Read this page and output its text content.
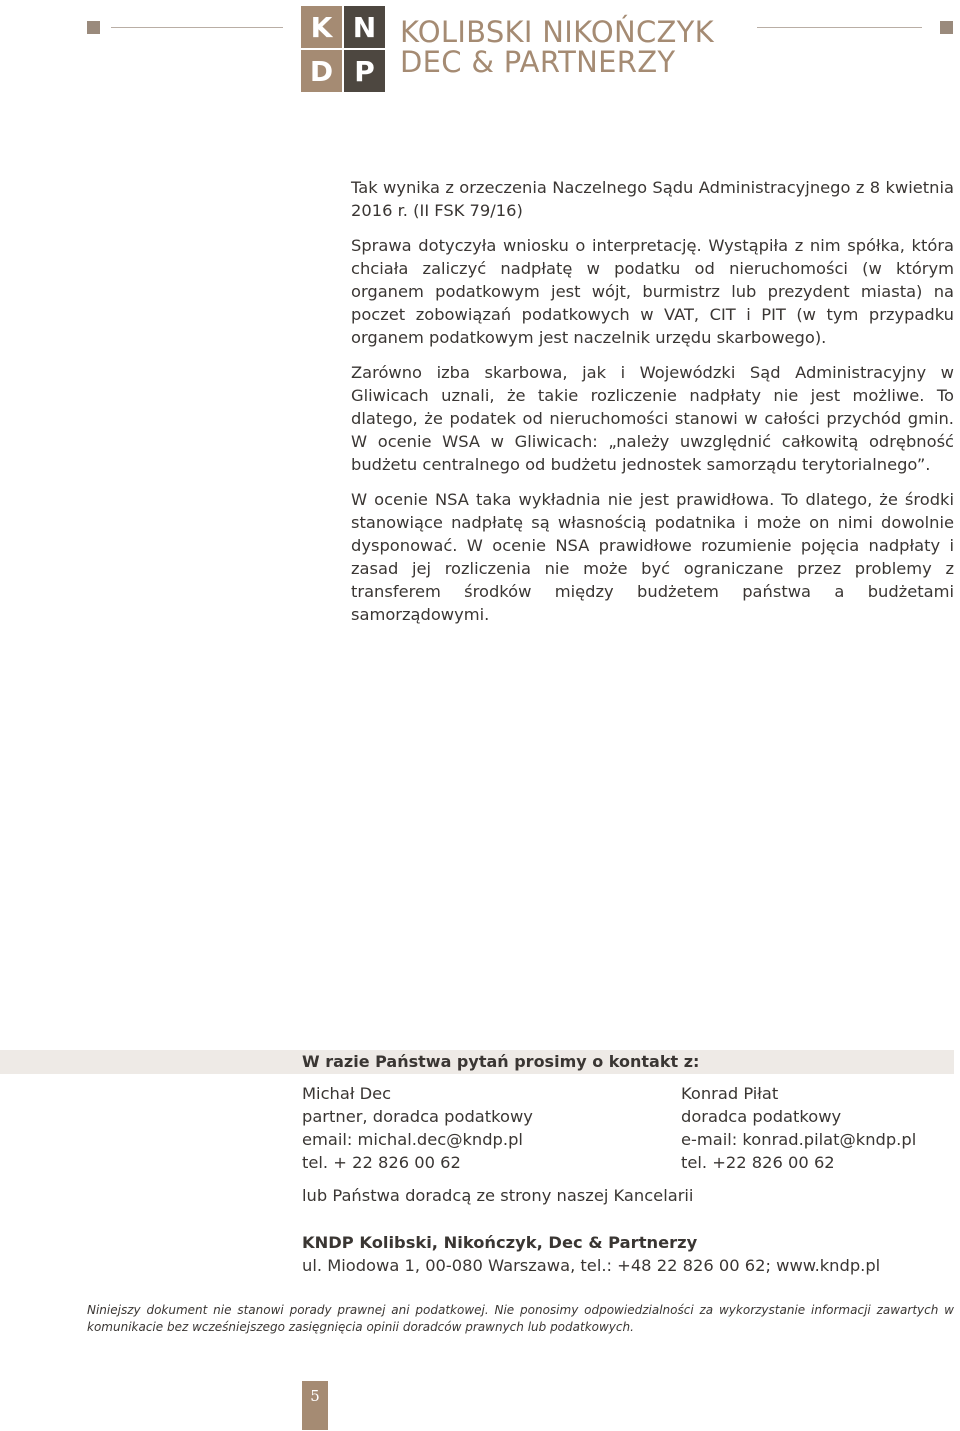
K N
D P
KOLIBSKI NIKOŃCZYK
DEC & PARTNERZY

Tak wynika z orzeczenia Naczelnego Sądu Administracyjnego z 8 kwietnia 2016 r. (II FSK 79/16)

Sprawa dotyczyła wniosku o interpretację. Wystąpiła z nim spółka, która chciała zaliczyć nadpłatę w podatku od nieruchomości (w którym organem podatkowym jest wójt, burmistrz lub prezydent miasta) na poczet zobowiązań podatkowych w VAT, CIT i PIT (w tym przypadku organem podatkowym jest naczelnik urzędu skarbowego).

Zarówno izba skarbowa, jak i Wojewódzki Sąd Administracyjny w Gliwicach uznali, że takie rozliczenie nadpłaty nie jest możliwe. To dlatego, że podatek od nieruchomości stanowi w całości przychód gmin. W ocenie WSA w Gliwicach: „należy uwzględnić całkowitą odrębność budżetu centralnego od budżetu jednostek samorządu terytorialnego”.

W ocenie NSA taka wykładnia nie jest prawidłowa. To dlatego, że środki stanowiące nadpłatę są własnością podatnika i może on nimi dowolnie dysponować. W ocenie NSA prawidłowe rozumienie pojęcia nadpłaty i zasad jej rozliczenia nie może być ograniczane przez problemy z transferem środków między budżetem państwa a budżetami samorządowymi.

W razie Państwa pytań prosimy o kontakt z:
Michał Dec
partner, doradca podatkowy
email: michal.dec@kndp.pl
tel. + 22 826 00 62
Konrad Piłat
doradca podatkowy
e-mail: konrad.pilat@kndp.pl
tel. +22 826 00 62
lub Państwa doradcą ze strony naszej Kancelarii
KNDP Kolibski, Nikończyk, Dec & Partnerzy
ul. Miodowa 1, 00-080 Warszawa, tel.: +48 22 826 00 62; www.kndp.pl
Niniejszy dokument nie stanowi porady prawnej ani podatkowej. Nie ponosimy odpowiedzialności za wykorzystanie informacji zawartych w komunikacie bez wcześniejszego zasięgnięcia opinii doradców prawnych lub podatkowych.
5
